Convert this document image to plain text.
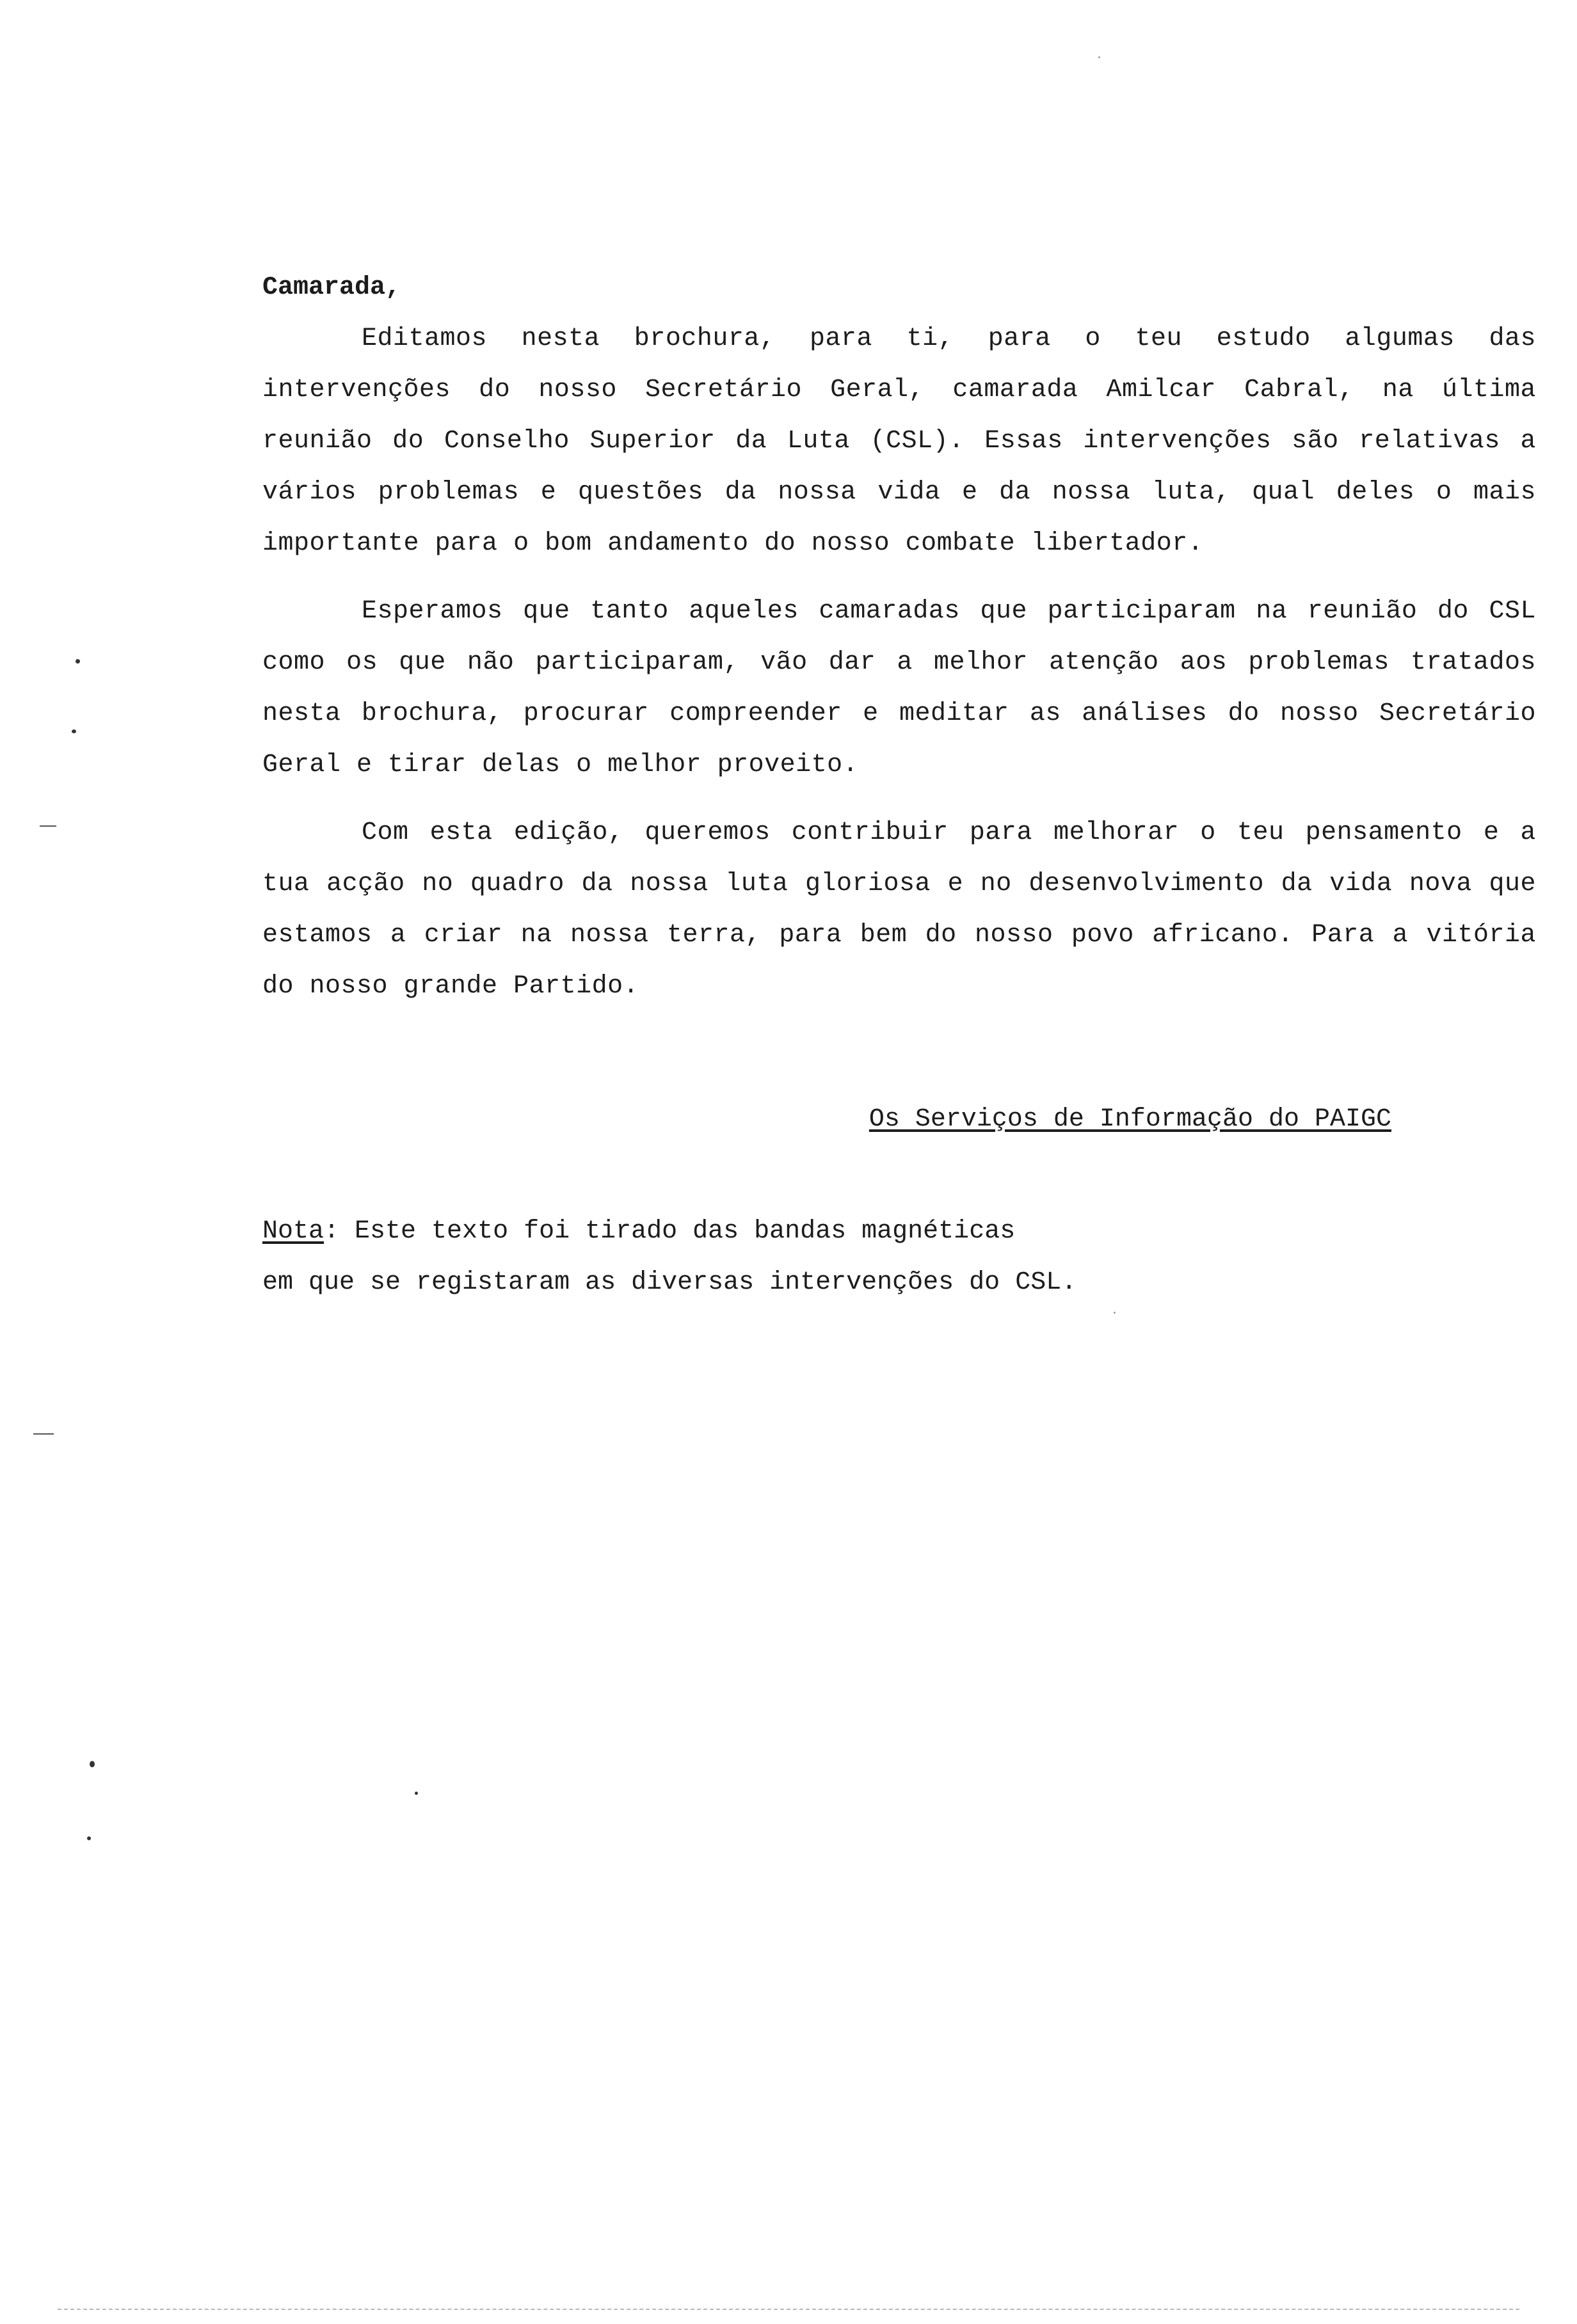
Camarada,

Editamos nesta brochura, para ti, para o teu estudo algumas das intervenções do nosso Secretário Geral, camarada Amilcar Cabral, na última reunião do Conselho Superior da Luta (CSL). Essas intervenções são relativas a vários problemas e questões da nossa vida e da nossa luta, qual deles o mais importante para o bom andamento do nosso combate libertador.

Esperamos que tanto aqueles camaradas que participaram na reunião do CSL como os que não participaram, vão dar a melhor atenção aos problemas tratados nesta brochura, procurar compreender e meditar as análises do nosso Secretário Geral e tirar delas o melhor proveito.

Com esta edição, queremos contribuir para melhorar o teu pensamento e a tua acção no quadro da nossa luta gloriosa e no desenvolvimento da vida nova que estamos a criar na nossa terra, para bem do nosso povo africano. Para a vitória do nosso grande Partido.

Os Serviços de Informação do PAIGC
Nota: Este texto foi tirado das bandas magnéticas
em que se registaram as diversas intervenções do CSL.
